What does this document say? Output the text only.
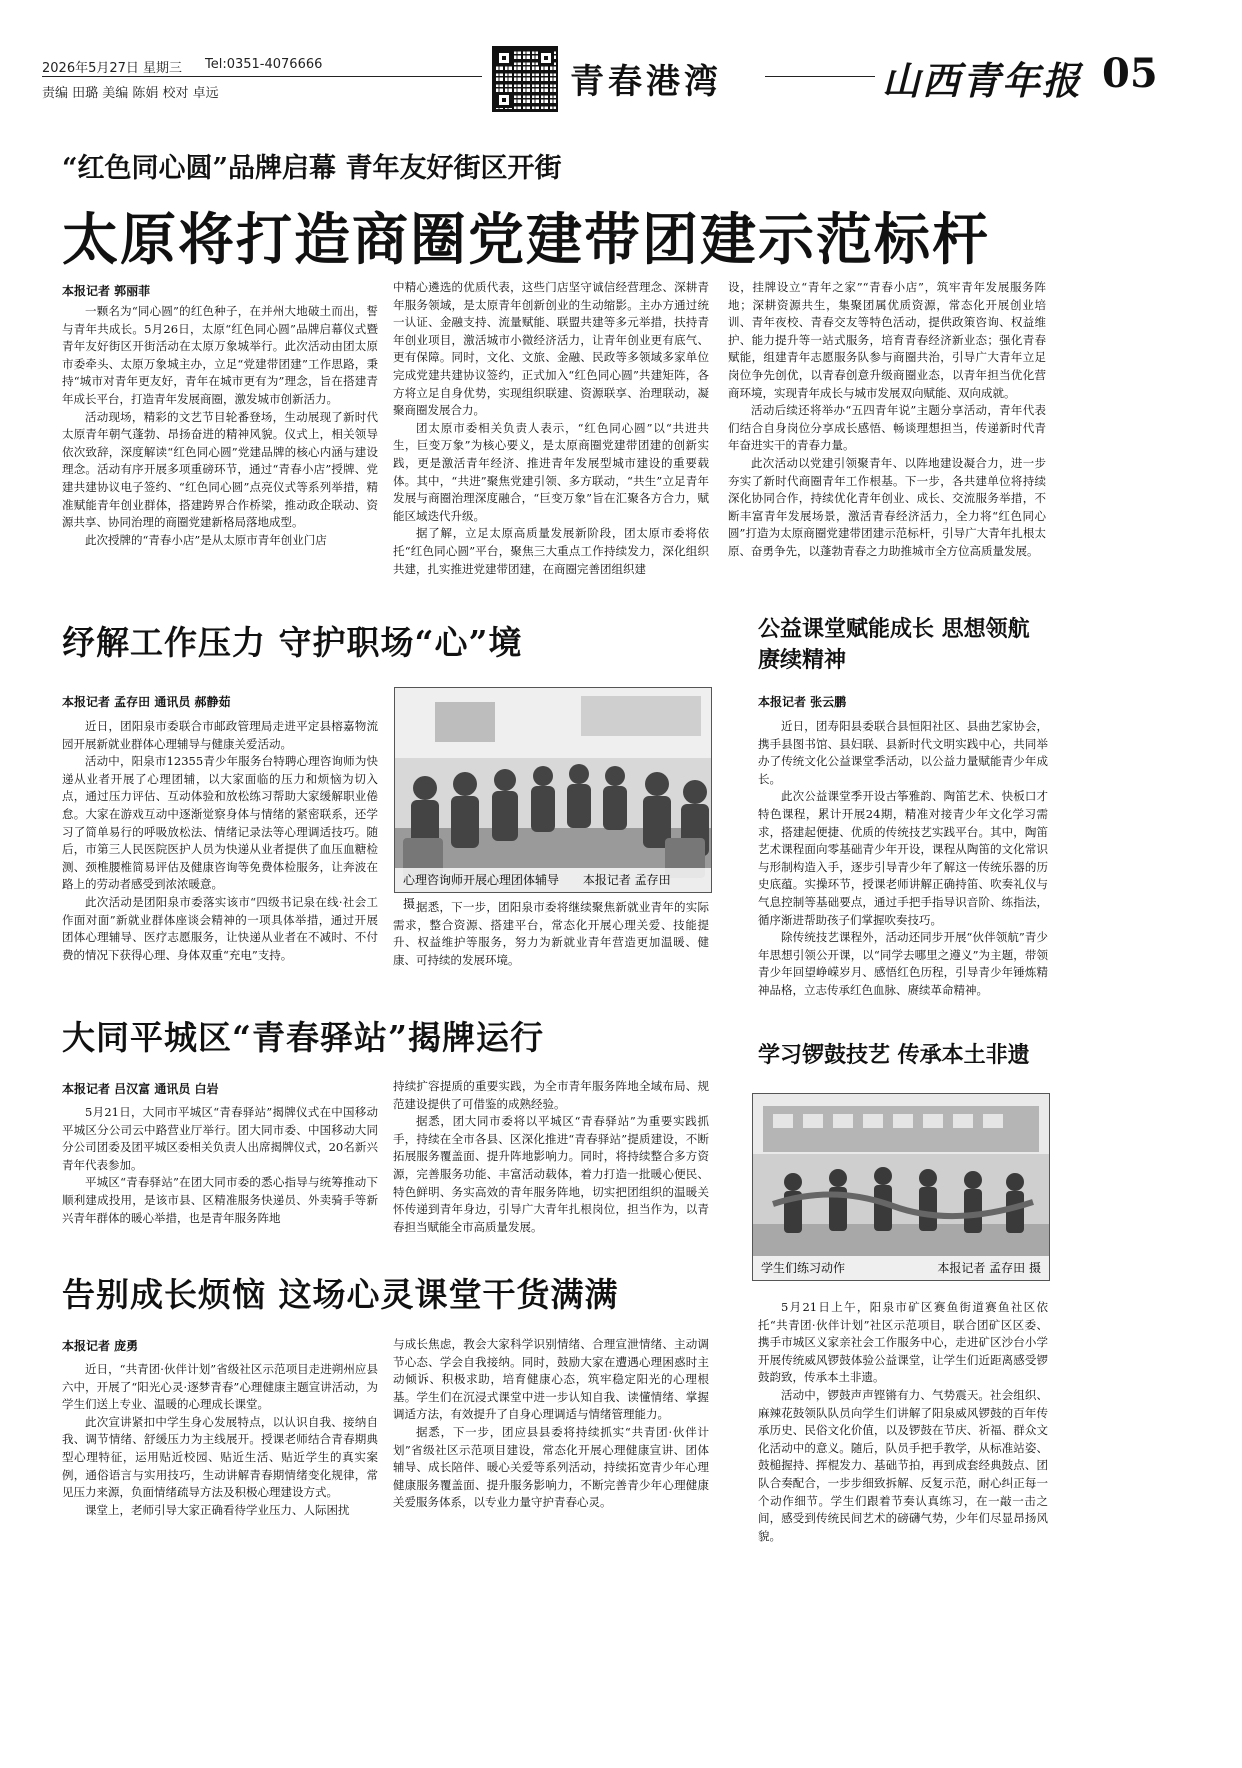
2026年5月27日 星期三 Tel:0351-4076666
责编 田璐 美编 陈娟 校对 卓远	青春港湾	山西青年报 05
“红色同心圆”品牌启幕 青年友好街区开街
太原将打造商圈党建带团建示范标杆
本报记者 郭丽菲

一颗名为“同心圆”的红色种子，在并州大地破土而出，誓与青年共成长。5月26日，太原“红色同心圆”品牌启幕仪式暨青年友好街区开街活动在太原万象城举行。此次活动由团太原市委牵头、太原万象城主办，立足“党建带团建”工作思路，秉持“城市对青年更友好，青年在城市更有为”理念，旨在搭建青年成长平台，打造青年发展商圈，激发城市创新活力。

活动现场，精彩的文艺节目轮番登场，生动展现了新时代太原青年朝气蓬勃、昂扬奋进的精神风貌。仪式上，相关领导依次致辞，深度解读“红色同心圆”党建品牌的核心内涵与建设理念。活动有序开展多项重磅环节，通过“青春小店”授牌、党建共建协议电子签约、“红色同心圆”点亮仪式等系列举措，精准赋能青年创业群体，搭建跨界合作桥梁，推动政企联动、资源共享、协同治理的商圈党建新格局落地成型。

此次授牌的“青春小店”是从太原市青年创业门店

中精心遴选的优质代表，这些门店坚守诚信经营理念、深耕青年服务领域，是太原青年创新创业的生动缩影。主办方通过统一认证、金融支持、流量赋能、联盟共建等多元举措，扶持青年创业项目，激活城市小微经济活力，让青年创业更有底气、更有保障。同时，文化、文旅、金融、民政等多领域多家单位完成党建共建协议签约，正式加入“红色同心圆”共建矩阵，各方将立足自身优势，实现组织联建、资源联享、治理联动，凝聚商圈发展合力。

团太原市委相关负责人表示，“红色同心圆”以“共进共生，巨变万象”为核心要义，是太原商圈党建带团建的创新实践，更是激活青年经济、推进青年发展型城市建设的重要载体。其中，“共进”聚焦党建引领、多方联动，“共生”立足青年发展与商圈治理深度融合，“巨变万象”旨在汇聚各方合力，赋能区域迭代升级。

据了解，立足太原高质量发展新阶段，团太原市委将依托“红色同心圆”平台，聚焦三大重点工作持续发力，深化组织共建，扎实推进党建带团建，在商圈完善团组织建

设，挂牌设立“青年之家”“青春小店”，筑牢青年发展服务阵地；深耕资源共生，集聚团属优质资源，常态化开展创业培训、青年夜校、青春交友等特色活动，提供政策咨询、权益维护、能力提升等一站式服务，培育青春经济新业态；强化青春赋能，组建青年志愿服务队参与商圈共治，引导广大青年立足岗位争先创优，以青春创意升级商圈业态，以青年担当优化营商环境，实现青年成长与城市发展双向赋能、双向成就。

活动后续还将举办“五四青年说”主题分享活动，青年代表们结合自身岗位分享成长感悟、畅谈理想担当，传递新时代青年奋进实干的青春力量。

此次活动以党建引领聚青年、以阵地建设凝合力，进一步夯实了新时代商圈青年工作根基。下一步，各共建单位将持续深化协同合作，持续优化青年创业、成长、交流服务举措，不断丰富青年发展场景，激活青春经济活力，全力将“红色同心圆”打造为太原商圈党建带团建示范标杆，引导广大青年扎根太原、奋勇争先，以蓬勃青春之力助推城市全方位高质量发展。

纾解工作压力 守护职场“心”境
本报记者 孟存田 通讯员 郝静茹

近日，团阳泉市委联合市邮政管理局走进平定县榕嘉物流园开展新就业群体心理辅导与健康关爱活动。

活动中，阳泉市12355青少年服务台特聘心理咨询师为快递从业者开展了心理团辅，以大家面临的压力和烦恼为切入点，通过压力评估、互动体验和放松练习帮助大家缓解职业倦怠。大家在游戏互动中逐渐觉察身体与情绪的紧密联系，还学习了简单易行的呼吸放松法、情绪记录法等心理调适技巧。随后，市第三人民医院医护人员为快递从业者提供了血压血糖检测、颈椎腰椎简易评估及健康咨询等免费体检服务，让奔波在路上的劳动者感受到浓浓暖意。

此次活动是团阳泉市委落实该市“四级书记泉在线·社会工作面对面”新就业群体座谈会精神的一项具体举措，通过开展团体心理辅导、医疗志愿服务，让快递从业者在不减时、不付费的情况下获得心理、身体双重“充电”支持。

心理咨询师开展心理团体辅导 本报记者 孟存田 摄 据悉，下一步，团阳泉市委将继续聚焦新就业青年的实际需求，整合资源、搭建平台，常态化开展心理关爱、技能提升、权益维护等服务，努力为新就业青年营造更加温暖、健康、可持续的发展环境。

公益课堂赋能成长 思想领航赓续精神
本报记者 张云鹏

近日，团寿阳县委联合县恒阳社区、县曲艺家协会，携手县图书馆、县妇联、县新时代文明实践中心，共同举办了传统文化公益课堂季活动，以公益力量赋能青少年成长。

此次公益课堂季开设古筝雅韵、陶笛艺术、快板口才特色课程，累计开展24期，精准对接青少年文化学习需求，搭建起便捷、优质的传统技艺实践平台。其中，陶笛艺术课程面向零基础青少年开设，课程从陶笛的文化常识与形制构造入手，逐步引导青少年了解这一传统乐器的历史底蕴。实操环节，授课老师讲解正确持笛、吹奏礼仪与气息控制等基础要点，通过手把手指导识音阶、练指法，循序渐进帮助孩子们掌握吹奏技巧。

除传统技艺课程外，活动还同步开展“伙伴领航”青少年思想引领公开课，以“同学去哪里之遵义”为主题，带领青少年回望峥嵘岁月、感悟红色历程，引导青少年锤炼精神品格，立志传承红色血脉、赓续革命精神。

大同平城区“青春驿站”揭牌运行
本报记者 吕汉富 通讯员 白岩

5月21日，大同市平城区“青春驿站”揭牌仪式在中国移动平城区分公司云中路营业厅举行。团大同市委、中国移动大同分公司团委及团平城区委相关负责人出席揭牌仪式，20名新兴青年代表参加。

平城区“青春驿站”在团大同市委的悉心指导与统筹推动下顺利建成投用，是该市县、区精准服务快递员、外卖骑手等新兴青年群体的暖心举措，也是青年服务阵地

持续扩容提质的重要实践，为全市青年服务阵地全域布局、规范建设提供了可借鉴的成熟经验。

据悉，团大同市委将以平城区“青春驿站”为重要实践抓手，持续在全市各县、区深化推进“青春驿站”提质建设，不断拓展服务覆盖面、提升阵地影响力。同时，将持续整合多方资源，完善服务功能、丰富活动载体，着力打造一批暖心便民、特色鲜明、务实高效的青年服务阵地，切实把团组织的温暖关怀传递到青年身边，引导广大青年扎根岗位，担当作为，以青春担当赋能全市高质量发展。

学习锣鼓技艺 传承本土非遗
学生们练习动作	本报记者 孟存田 摄

5月21日上午，阳泉市矿区赛鱼街道赛鱼社区依托“共青团·伙伴计划”社区示范项目，联合团矿区区委、携手市城区义家亲社会工作服务中心，走进矿区沙台小学开展传统威风锣鼓体验公益课堂，让学生们近距离感受锣鼓韵致，传承本土非遗。

活动中，锣鼓声声铿锵有力、气势震天。社会组织、麻辣花鼓领队队员向学生们讲解了阳泉威风锣鼓的百年传承历史、民俗文化价值，以及锣鼓在节庆、祈福、群众文化活动中的意义。随后，队员手把手教学，从标准站姿、鼓槌握持、挥棍发力、基础节拍，再到成套经典鼓点、团队合奏配合，一步步细致拆解、反复示范，耐心纠正每一个动作细节。学生们跟着节奏认真练习，在一敲一击之间，感受到传统民间艺术的磅礴气势，少年们尽显昂扬风貌。

告别成长烦恼 这场心灵课堂干货满满
本报记者 庞勇

近日，“共青团·伙伴计划”省级社区示范项目走进朔州应县六中，开展了“阳光心灵·逐梦青春”心理健康主题宣讲活动，为学生们送上专业、温暖的心理成长课堂。

此次宣讲紧扣中学生身心发展特点，以认识自我、接纳自我、调节情绪、舒缓压力为主线展开。授课老师结合青春期典型心理特征，运用贴近校园、贴近生活、贴近学生的真实案例，通俗语言与实用技巧，生动讲解青春期情绪变化规律，常见压力来源，负面情绪疏导方法及积极心理建设方式。

课堂上，老师引导大家正确看待学业压力、人际困扰

与成长焦虑，教会大家科学识别情绪、合理宣泄情绪、主动调节心态、学会自我接纳。同时，鼓励大家在遭遇心理困惑时主动倾诉、积极求助，培育健康心态，筑牢稳定阳光的心理根基。学生们在沉浸式课堂中进一步认知自我、读懂情绪、掌握调适方法，有效提升了自身心理调适与情绪管理能力。

据悉，下一步，团应县县委将持续抓实“共青团·伙伴计划”省级社区示范项目建设，常态化开展心理健康宣讲、团体辅导、成长陪伴、暖心关爱等系列活动，持续拓宽青少年心理健康服务覆盖面、提升服务影响力，不断完善青少年心理健康关爱服务体系，以专业力量守护青春心灵。
